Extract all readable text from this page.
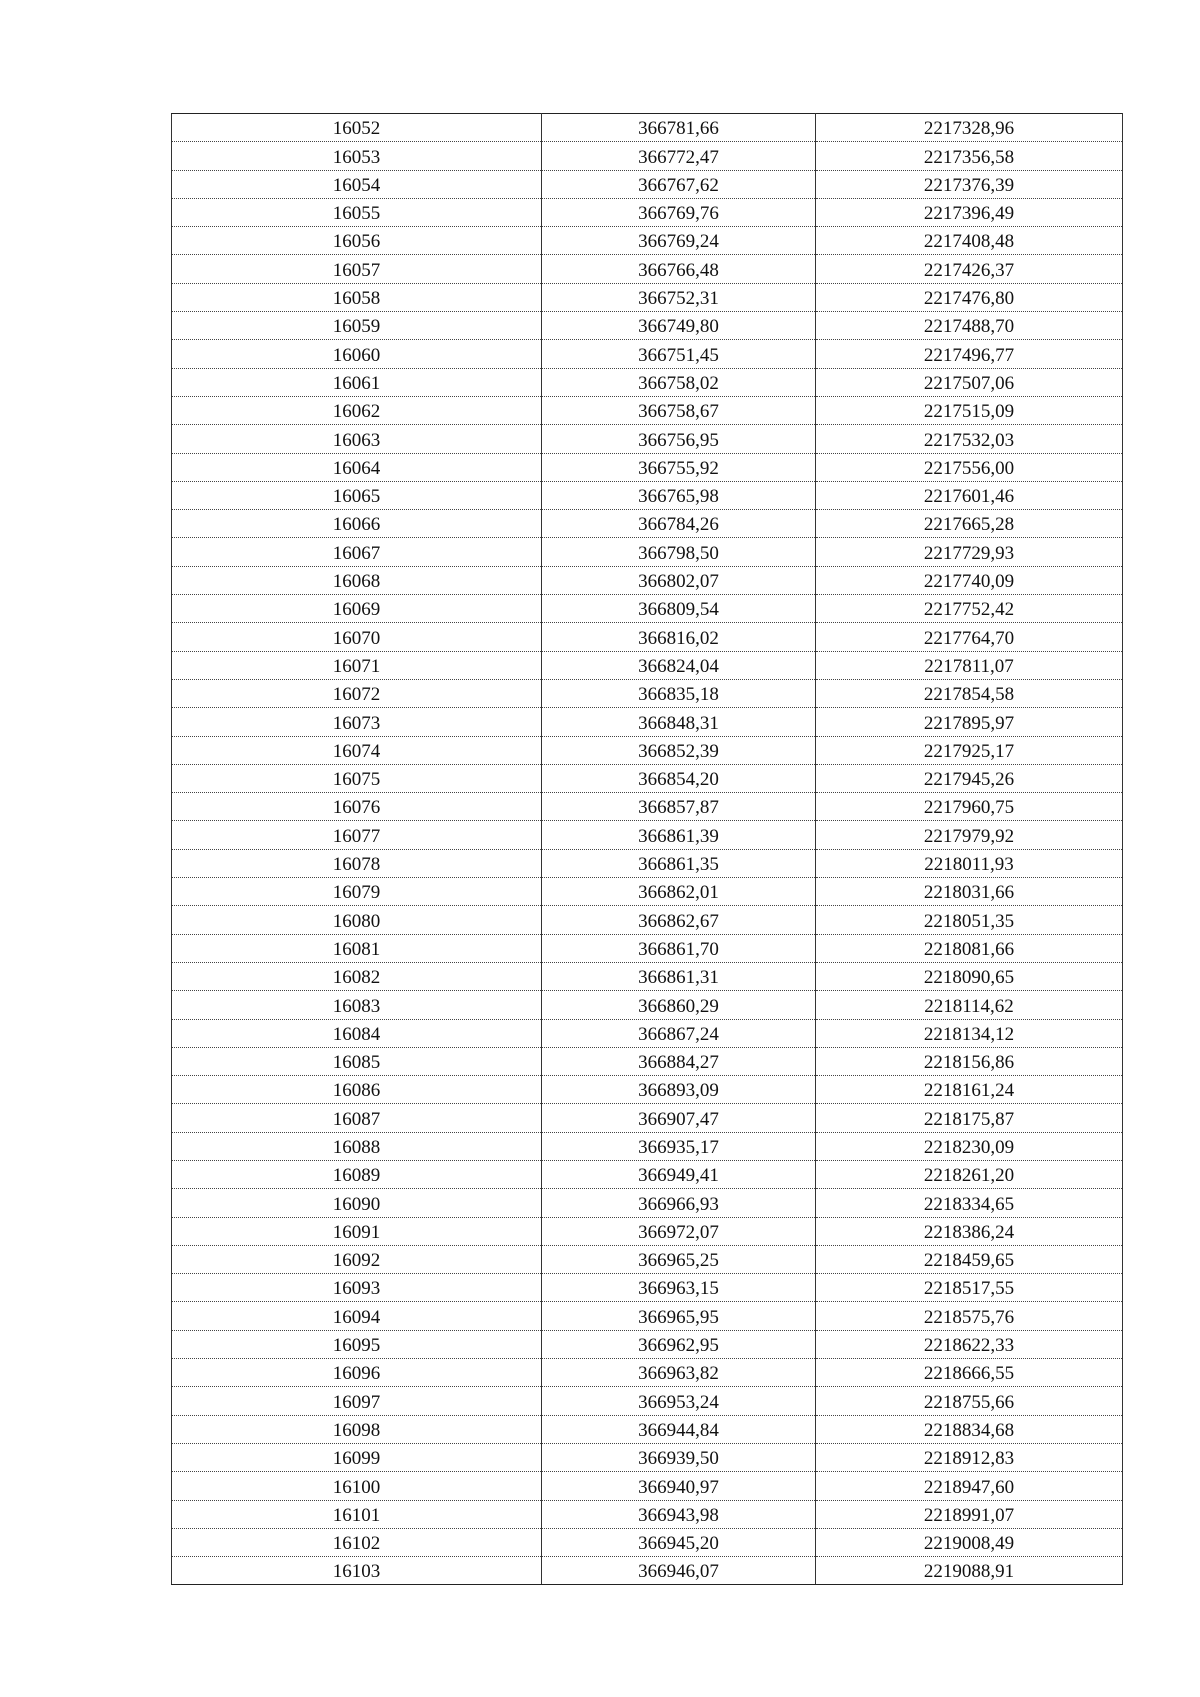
16052	366781,66	2217328,96
16053	366772,47	2217356,58
16054	366767,62	2217376,39
16055	366769,76	2217396,49
16056	366769,24	2217408,48
16057	366766,48	2217426,37
16058	366752,31	2217476,80
16059	366749,80	2217488,70
16060	366751,45	2217496,77
16061	366758,02	2217507,06
16062	366758,67	2217515,09
16063	366756,95	2217532,03
16064	366755,92	2217556,00
16065	366765,98	2217601,46
16066	366784,26	2217665,28
16067	366798,50	2217729,93
16068	366802,07	2217740,09
16069	366809,54	2217752,42
16070	366816,02	2217764,70
16071	366824,04	2217811,07
16072	366835,18	2217854,58
16073	366848,31	2217895,97
16074	366852,39	2217925,17
16075	366854,20	2217945,26
16076	366857,87	2217960,75
16077	366861,39	2217979,92
16078	366861,35	2218011,93
16079	366862,01	2218031,66
16080	366862,67	2218051,35
16081	366861,70	2218081,66
16082	366861,31	2218090,65
16083	366860,29	2218114,62
16084	366867,24	2218134,12
16085	366884,27	2218156,86
16086	366893,09	2218161,24
16087	366907,47	2218175,87
16088	366935,17	2218230,09
16089	366949,41	2218261,20
16090	366966,93	2218334,65
16091	366972,07	2218386,24
16092	366965,25	2218459,65
16093	366963,15	2218517,55
16094	366965,95	2218575,76
16095	366962,95	2218622,33
16096	366963,82	2218666,55
16097	366953,24	2218755,66
16098	366944,84	2218834,68
16099	366939,50	2218912,83
16100	366940,97	2218947,60
16101	366943,98	2218991,07
16102	366945,20	2219008,49
16103	366946,07	2219088,91
